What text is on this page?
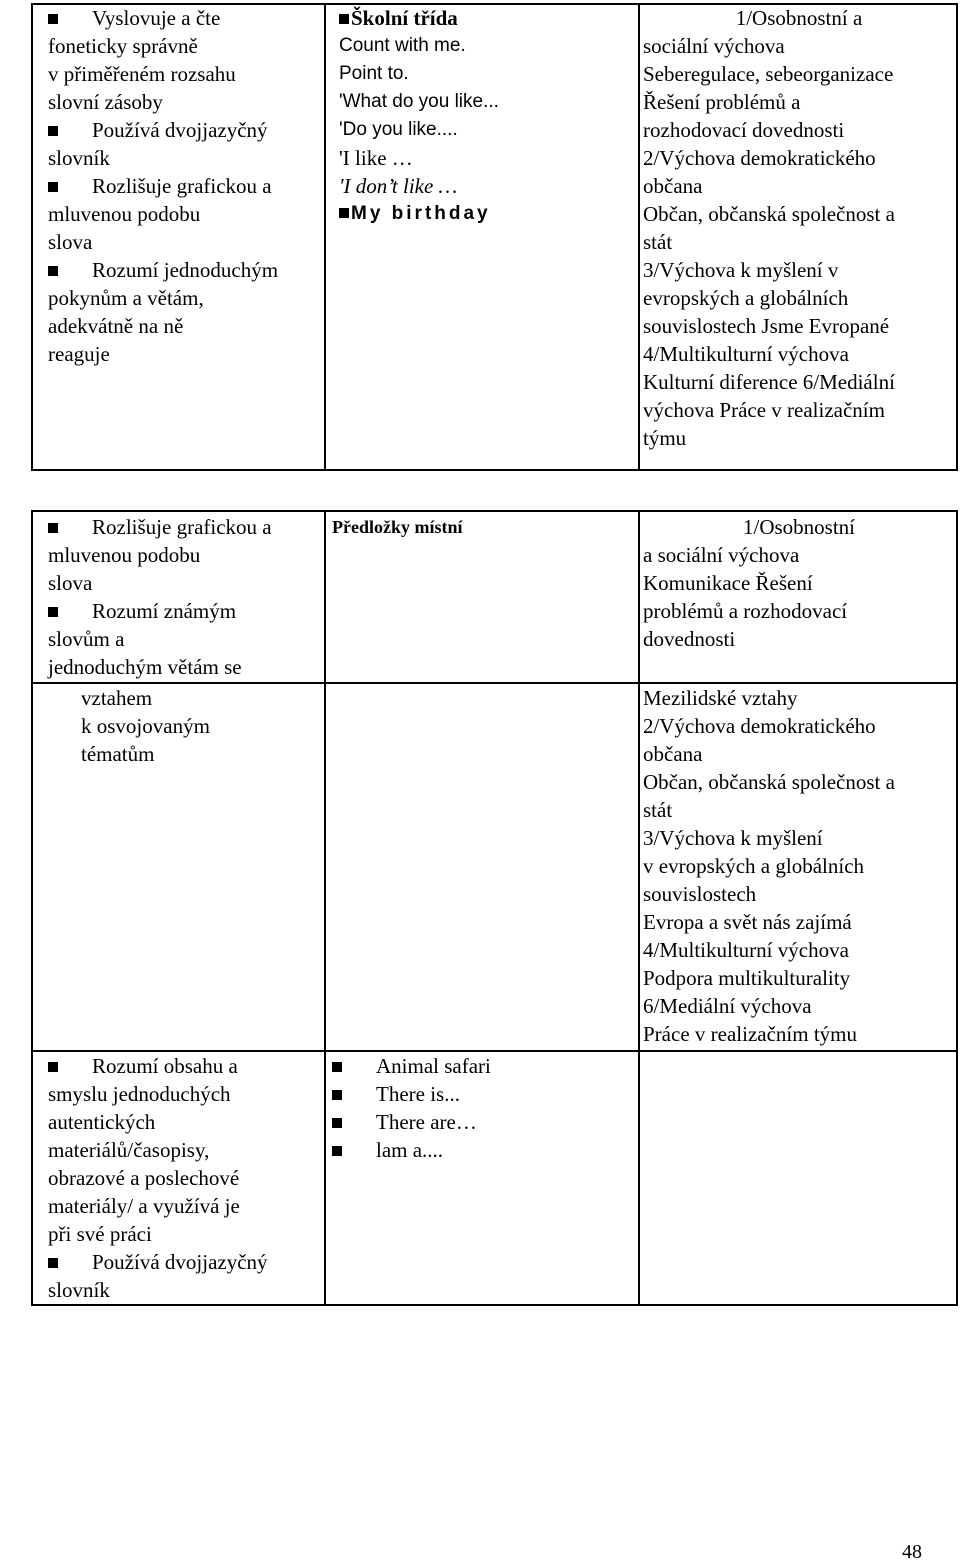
Vyslovuje a čte
foneticky správně
v přiměřeném rozsahu
slovní zásoby
Používá dvojjazyčný
slovník
Rozlišuje grafickou a
mluvenou podobu
slova
Rozumí jednoduchým
pokynům a větám,
adekvátně na ně
reaguje
Školní třída
Count with me.
Point to.
'What do you like...
'Do you like....
'I like …
'I don’t like …
My birthday
1/Osobnostní a
sociální výchova
Seberegulace, sebeorganizace
Řešení problémů a
rozhodovací dovednosti
2/Výchova demokratického
občana
Občan, občanská společnost a
stát
3/Výchova k myšlení v
evropských a globálních
souvislostech Jsme Evropané
4/Multikulturní výchova
Kulturní diference 6/Mediální
výchova Práce v realizačním
týmu
Rozlišuje grafickou a
mluvenou podobu
slova
Rozumí známým
slovům a
jednoduchým větám se
Předložky místní	1/Osobnostní
a sociální výchova
Komunikace Řešení
problémů a rozhodovací
dovednosti
vztahem
k osvojovaným
tématům
Mezilidské vztahy
2/Výchova demokratického
občana
Občan, občanská společnost a
stát
3/Výchova k myšlení
v evropských a globálních
souvislostech
Evropa a svět nás zajímá
4/Multikulturní výchova
Podpora multikulturality
6/Mediální výchova
Práce v realizačním týmu
Rozumí obsahu a
smyslu jednoduchých
autentických
materiálů/časopisy,
obrazové a poslechové
materiály/ a využívá je
při své práci
Používá dvojjazyčný
slovník
Animal safari
There is...
There are…
lam a....
48
